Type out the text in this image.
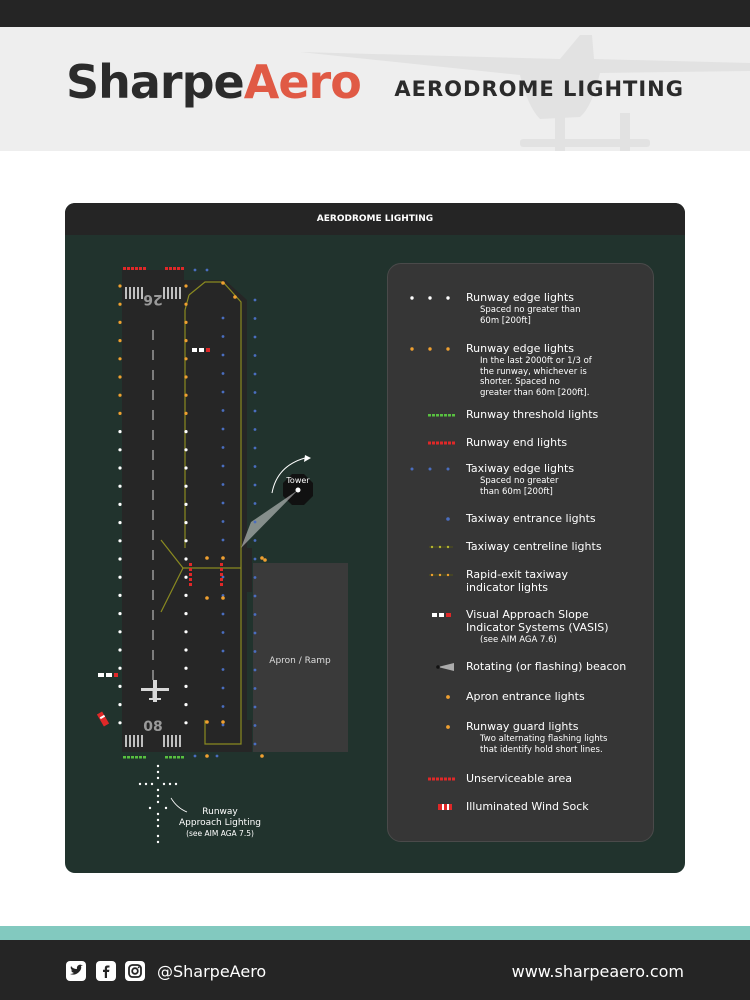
SharpeAero AERODROME LIGHTING
AERODROME LIGHTING
26
08
Tower
Apron / Ramp
Runway
Approach Lighting
(see AIM AGA 7.5)
Runway edge lights
Spaced no greater than
60m [200ft]
Runway edge lights
In the last 2000ft or 1/3 of
the runway, whichever is
shorter. Spaced no
greater than 60m [200ft].
Runway threshold lights
Runway end lights
Taxiway edge lights
Spaced no greater
than 60m [200ft]
Taxiway entrance lights
Taxiway centreline lights
Rapid-exit taxiway
indicator lights
Visual Approach Slope
Indicator Systems (VASIS)
(see AIM AGA 7.6)
Rotating (or flashing) beacon
Apron entrance lights
Runway guard lights
Two alternating flashing lights
that identify hold short lines.
Unserviceable area
Illuminated Wind Sock
@SharpeAero	www.sharpeaero.com
